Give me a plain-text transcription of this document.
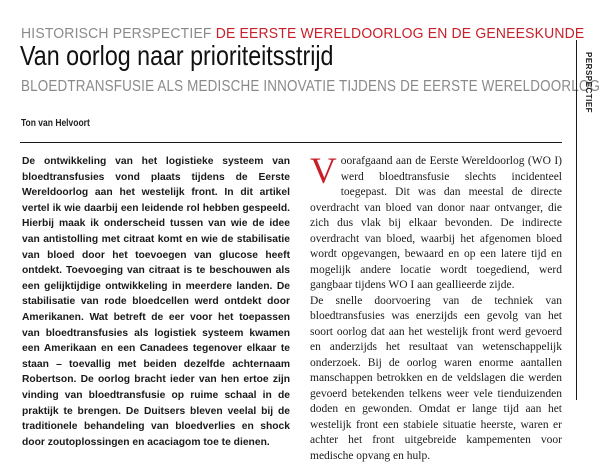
HISTORISCH PERSPECTIEF DE EERSTE WERELDOORLOG EN DE GENEESKUNDE
Van oorlog naar prioriteitsstrijd
BLOEDTRANSFUSIE ALS MEDISCHE INNOVATIE TIJDENS DE EERSTE WERELDOORLOG
Ton van Helvoort
PERSPECTIEF

De ontwikkeling van het logistieke systeem van bloedtransfusies vond plaats tijdens de Eerste Wereldoorlog aan het westelijk front. In dit artikel vertel ik wie daarbij een leidende rol hebben gespeeld. Hierbij maak ik onderscheid tussen van wie de idee van antistolling met citraat komt en wie de stabilisatie van bloed door het toevoegen van glucose heeft ontdekt. Toevoeging van citraat is te beschouwen als een gelijktijdige ontwikkeling in meerdere landen. De stabilisatie van rode bloedcellen werd ontdekt door Amerikanen. Wat betreft de eer voor het toepassen van bloedtransfusies als logistiek systeem kwamen een Amerikaan en een Canadees tegenover elkaar te staan – toevallig met beiden dezelfde achternaam Robertson. De oorlog bracht ieder van hen ertoe zijn vinding van bloedtransfusie op ruime schaal in de praktijk te brengen. De Duitsers bleven veelal bij de traditionele behandeling van bloedverlies en shock door zoutoplossingen en acaciagom toe te dienen.

Voorafgaand aan de Eerste Wereldoorlog (WO I) werd bloedtransfusie slechts incidenteel toegepast. Dit was dan meestal de directe overdracht van bloed van donor naar ontvanger, die zich dus vlak bij elkaar bevonden. De indirecte overdracht van bloed, waarbij het afgenomen bloed wordt opgevangen, bewaard en op een latere tijd en mogelijk andere locatie wordt toegediend, werd gangbaar tijdens WO I aan geallieerde zijde.

De snelle doorvoering van de techniek van bloedtransfusies was enerzijds een gevolg van het soort oorlog dat aan het westelijk front werd gevoerd en anderzijds het resultaat van wetenschappelijk onderzoek. Bij de oorlog waren enorme aantallen manschappen betrokken en de veldslagen die werden gevoerd betekenden telkens weer vele tienduizenden doden en gewonden. Omdat er lange tijd aan het westelijk front een stabiele situatie heerste, waren er achter het front uitgebreide kampementen voor medische opvang en hulp.
